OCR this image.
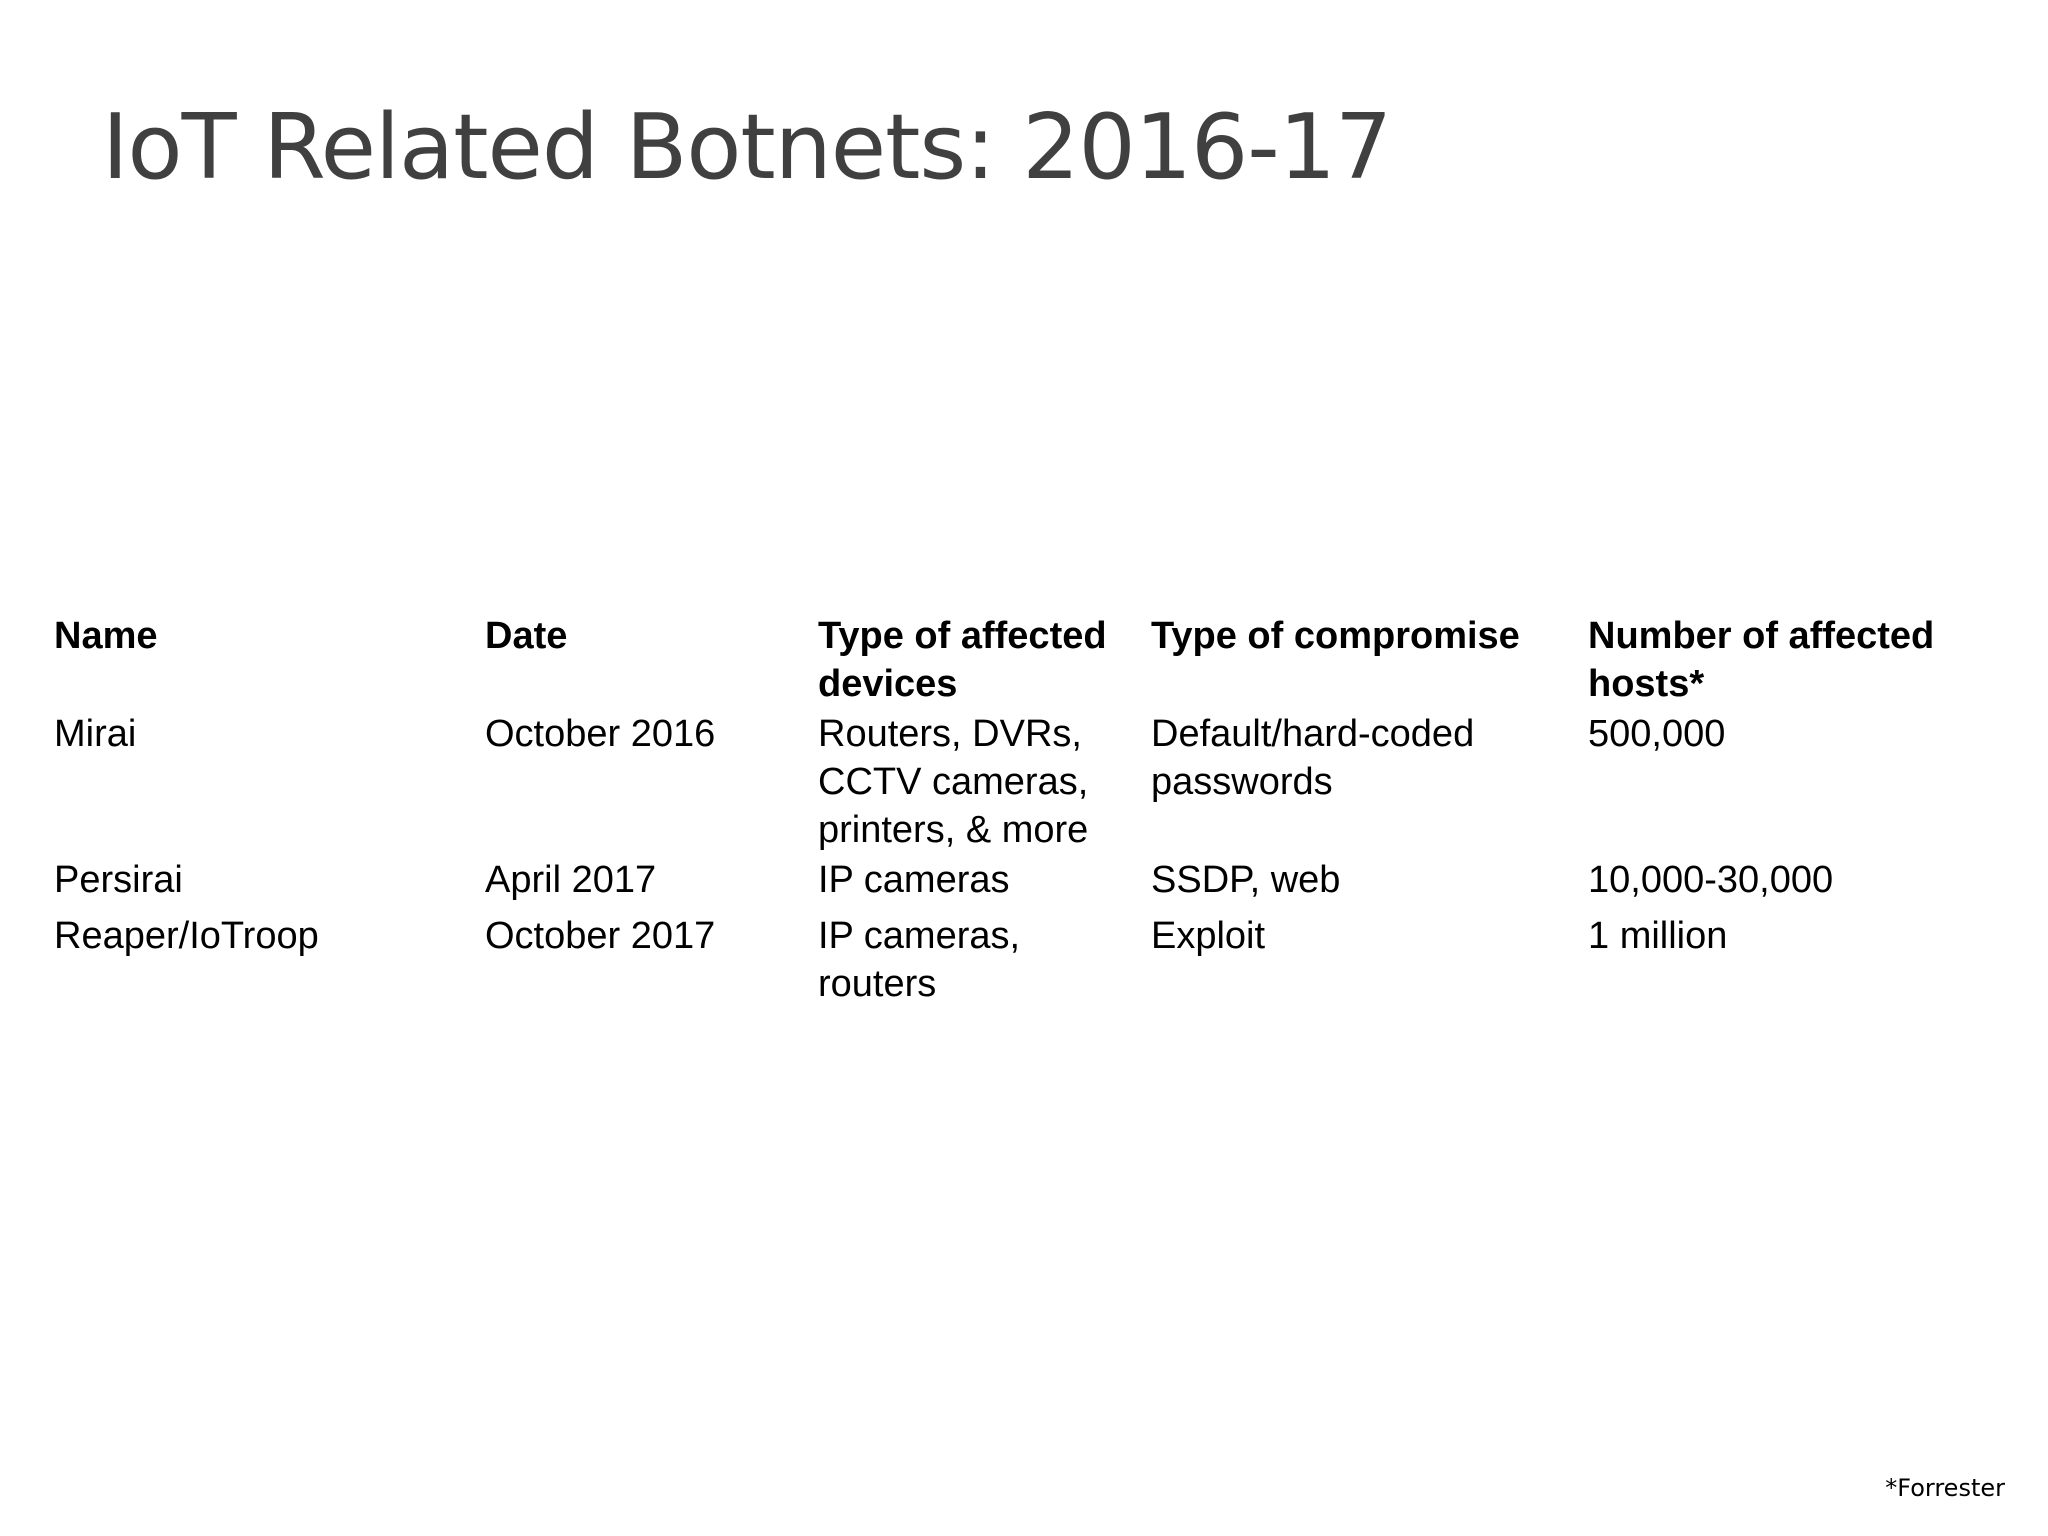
IoT Related Botnets: 2016-17
Name	Date	Type of affected devices	Type of compromise	Number of affected hosts*
Mirai	October 2016	Routers, DVRs, CCTV cameras, printers, & more	Default/hard-coded passwords	500,000
Persirai	April 2017	IP cameras	SSDP, web	10,000-30,000
Reaper/IoTroop	October 2017	IP cameras, routers	Exploit	1 million
*Forrester
